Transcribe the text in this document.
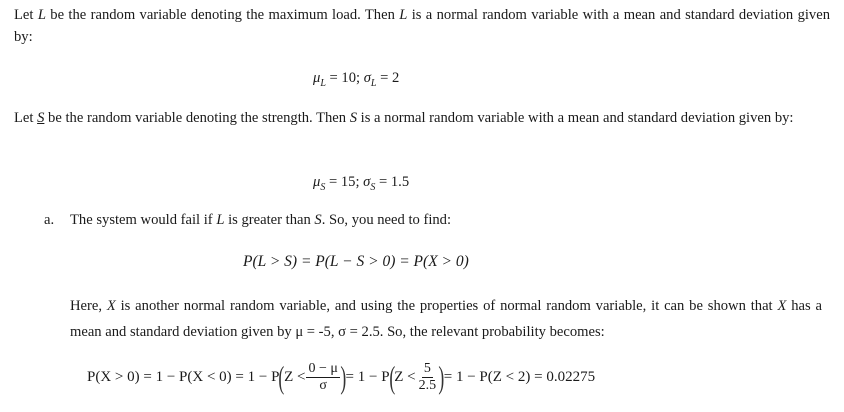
Let L be the random variable denoting the maximum load. Then L is a normal random variable with a mean and standard deviation given by:
$\mu_L = 10$; $\sigma_L = 2$
Let S be the random variable denoting the strength. Then S is a normal random variable with a mean and standard deviation given by:
$\mu_S = 15$; $\sigma_S = 1.5$
a. The system would fail if L is greater than S. So, you need to find:
P(L > S) = P(L − S > 0) = P(X > 0)
Here, X is another normal random variable, and using the properties of normal random variable, it can be shown that X has a mean and standard deviation given by μ = -5, σ = 2.5. So, the relevant probability becomes:
P(X > 0) = 1 − P(X < 0) = 1 − P ( $Z < \frac{0 - \mu}{\sigma}$ ) = 1 − P ( $Z < \frac{5}{2.5}$ ) = 1 − P(Z < 2) = 0.02275
